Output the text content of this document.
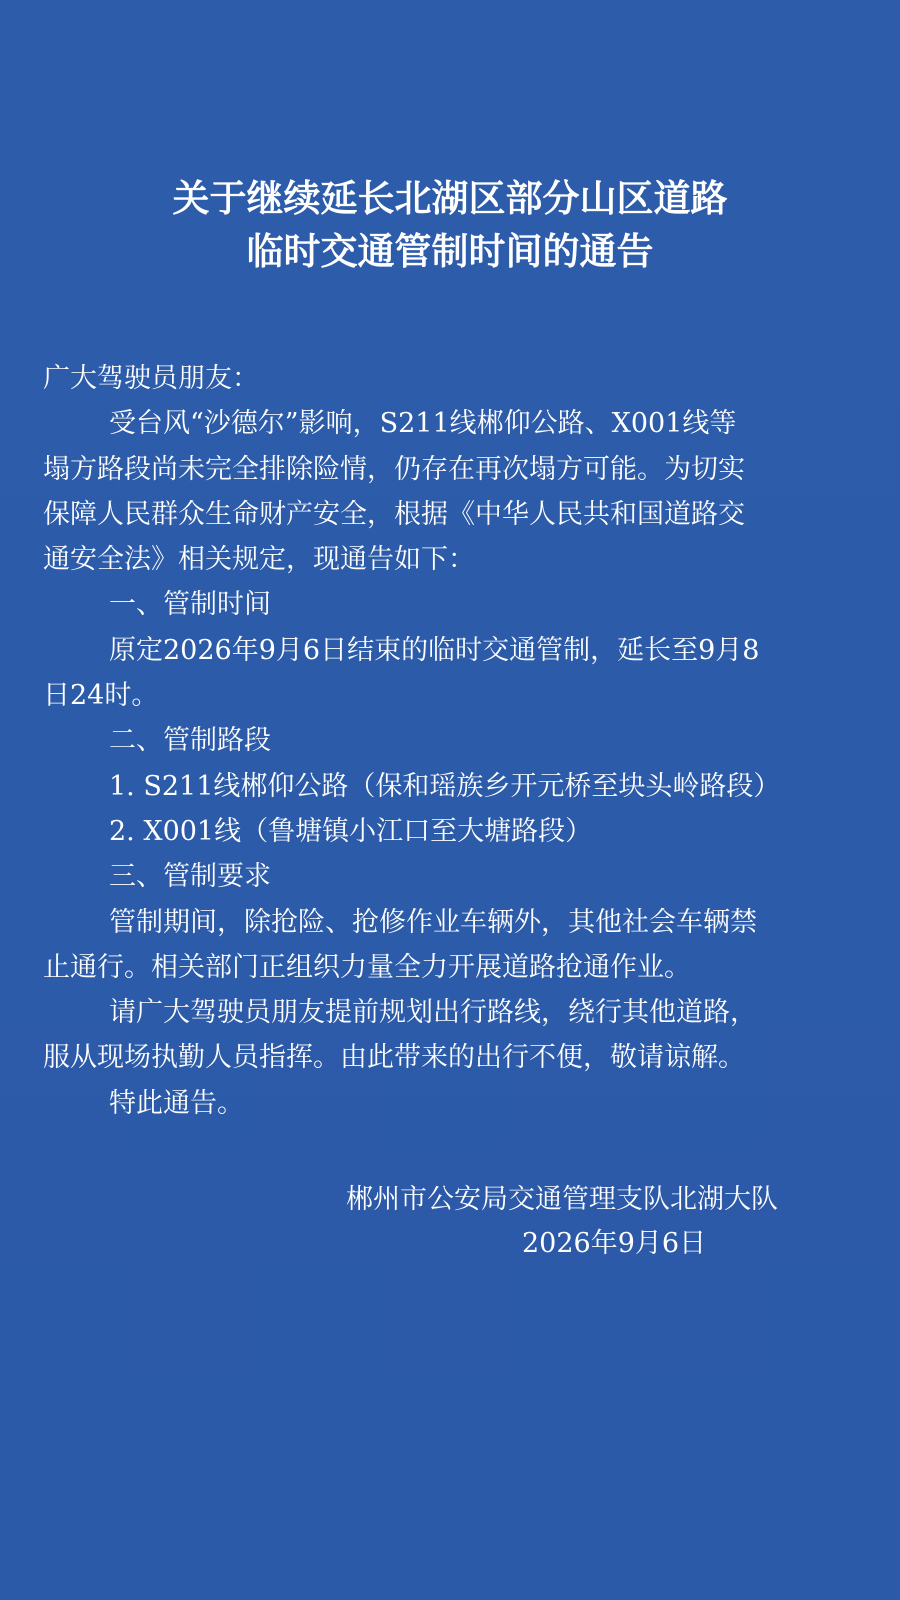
关于继续延长北湖区部分山区道路
临时交通管制时间的通告
广大驾驶员朋友：
受台风“沙德尔”影响，S211线郴仰公路、X001线等
塌方路段尚未完全排除险情，仍存在再次塌方可能。为切实
保障人民群众生命财产安全，根据《中华人民共和国道路交
通安全法》相关规定，现通告如下：
一、管制时间
原定2026年9月6日结束的临时交通管制，延长至9月8
日24时。
二、管制路段
1. S211线郴仰公路（保和瑶族乡开元桥至块头岭路段）
2. X001线（鲁塘镇小江口至大塘路段）
三、管制要求
管制期间，除抢险、抢修作业车辆外，其他社会车辆禁
止通行。相关部门正组织力量全力开展道路抢通作业。
请广大驾驶员朋友提前规划出行路线，绕行其他道路，
服从现场执勤人员指挥。由此带来的出行不便，敬请谅解。
特此通告。
郴州市公安局交通管理支队北湖大队
2026年9月6日
